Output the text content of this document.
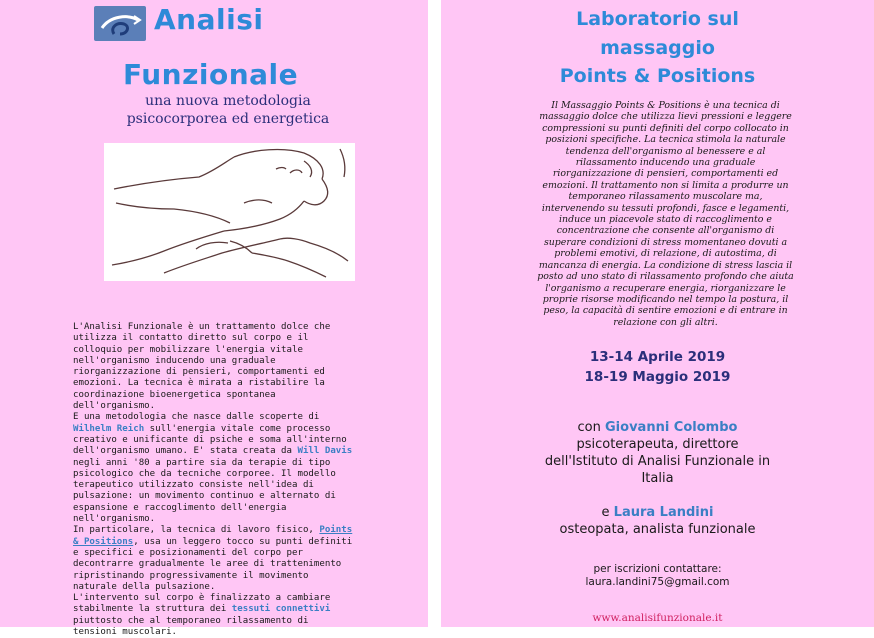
Analisi
Funzionale
una nuova metodologia
psicocorporea ed energetica

L'Analisi Funzionale è un trattamento dolce che utilizza il contatto diretto sul corpo e il colloquio per mobilizzare l'energia vitale nell'organismo inducendo una graduale riorganizzazione di pensieri, comportamenti ed emozioni. La tecnica è mirata a ristabilire la coordinazione bioenergetica spontanea dell'organismo.

E una metodologia che nasce dalle scoperte di Wilhelm Reich sull'energia vitale come processo creativo e unificante di psiche e soma all'interno dell'organismo umano. E' stata creata da Will Davis negli anni '80 a partire sia da terapie di tipo psicologico che da tecniche corporee. Il modello terapeutico utilizzato consiste nell'idea di pulsazione: un movimento continuo e alternato di espansione e raccoglimento dell'energia nell'organismo.

In particolare, la tecnica di lavoro fisico, Points & Positions, usa un leggero tocco su punti definiti e specifici e posizionamenti del corpo per decontrarre gradualmente le aree di trattenimento ripristinando progressivamente il movimento naturale della pulsazione.

L'intervento sul corpo è finalizzato a cambiare stabilmente la struttura dei tessuti connettivi piuttosto che al temporaneo rilassamento di tensioni muscolari.

Laboratorio sul
massaggio
Points & Positions
Il Massaggio Points & Positions è una tecnica di massaggio dolce che utilizza lievi pressioni e leggere compressioni su punti definiti del corpo collocato in posizioni specifiche. La tecnica stimola la naturale tendenza dell'organismo al benessere e al rilassamento inducendo una graduale riorganizzazione di pensieri, comportamenti ed emozioni. Il trattamento non si limita a produrre un temporaneo rilassamento muscolare ma, intervenendo su tessuti profondi, fasce e legamenti, induce un piacevole stato di raccoglimento e concentrazione che consente all'organismo di superare condizioni di stress momentaneo dovuti a problemi emotivi, di relazione, di autostima, di mancanza di energia. La condizione di stress lascia il posto ad uno stato di rilassamento profondo che aiuta l'organismo a recuperare energia, riorganizzare le proprie risorse modificando nel tempo la postura, il peso, la capacità di sentire emozioni e di entrare in relazione con gli altri.
13-14 Aprile 2019
18-19 Maggio 2019
con Giovanni Colombo
psicoterapeuta, direttore
dell'Istituto di Analisi Funzionale in
Italia
e Laura Landini
osteopata, analista funzionale
per iscrizioni contattare:
laura.landini75@gmail.com
www.analisifunzionale.it
